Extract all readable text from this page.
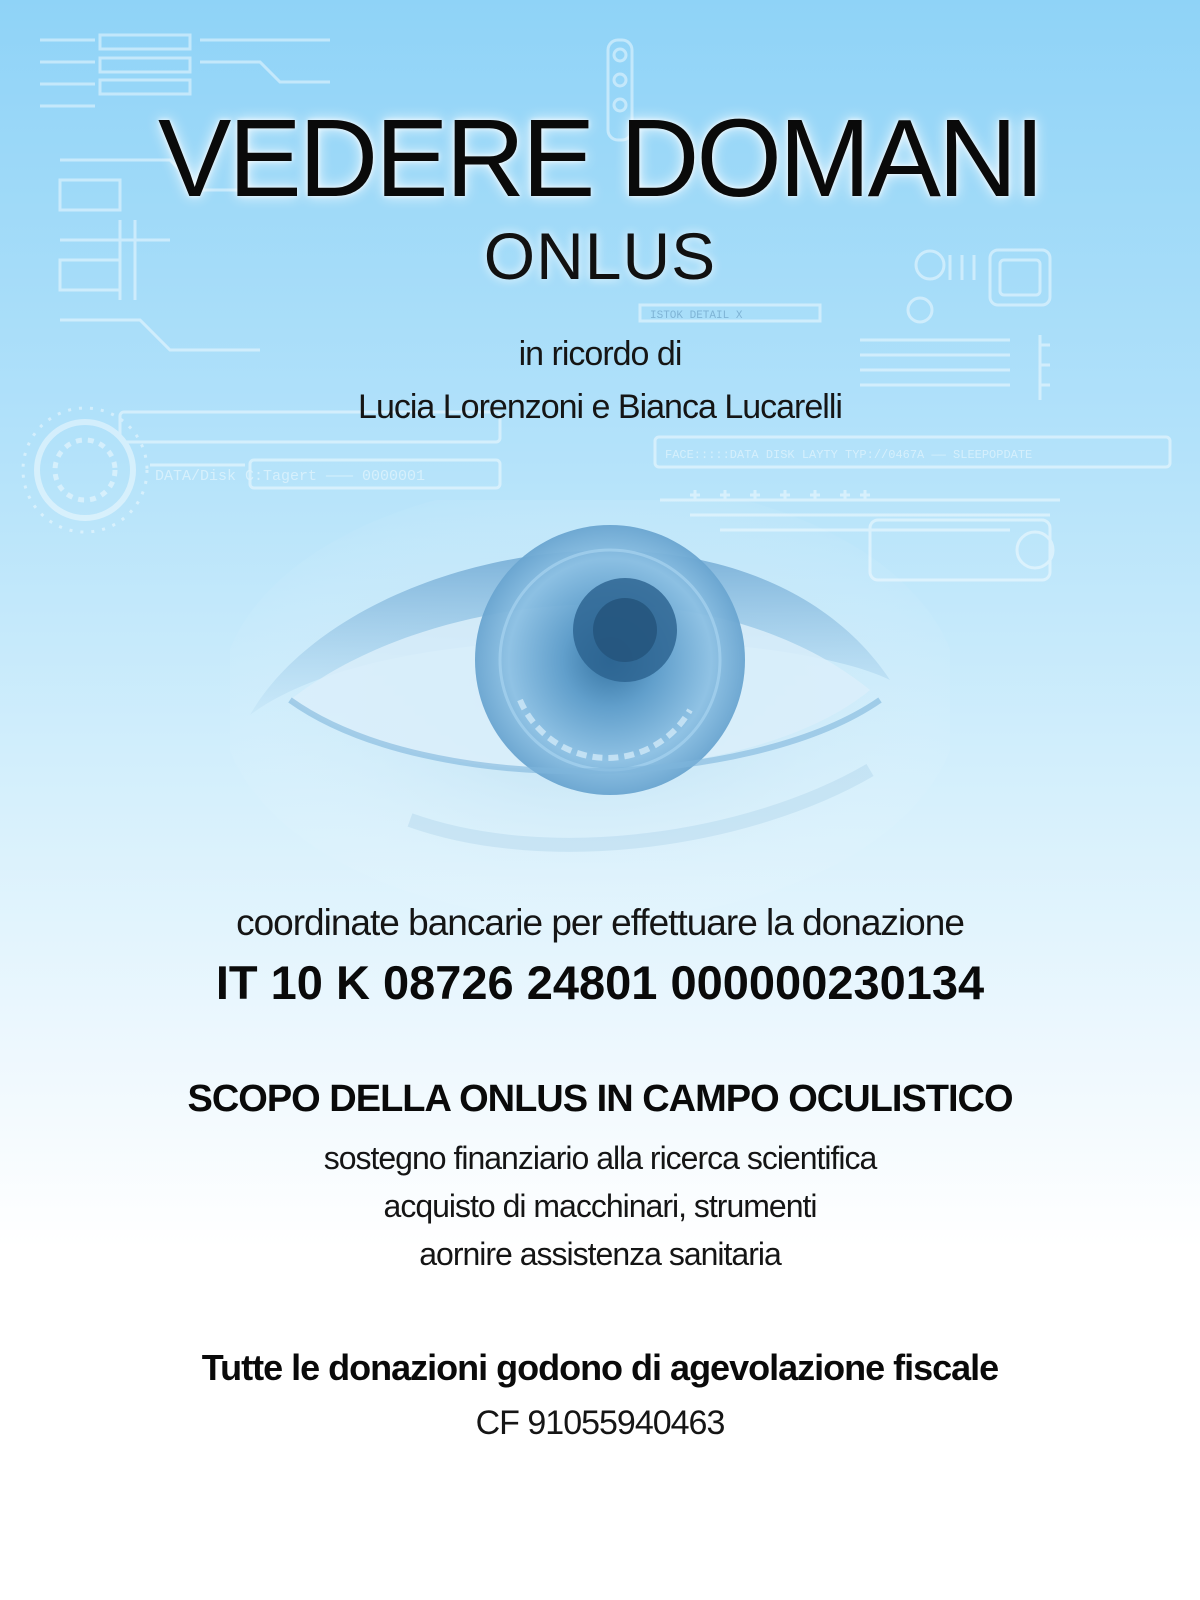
DATA/Disk C:Tagert ——— 0000001
FACE:::::DATA DISK LAYTY TYP://0467A —— SLEEPOPDATE
ISTOK DETAIL X
VEDERE DOMANI
ONLUS
in ricordo di
Lucia Lorenzoni e Bianca Lucarelli
coordinate bancarie per effettuare la donazione
IT 10 K 08726 24801 000000230134
SCOPO DELLA ONLUS IN CAMPO OCULISTICO
sostegno finanziario alla ricerca scientifica
acquisto di macchinari, strumenti
aornire assistenza sanitaria
Tutte le donazioni godono di agevolazione fiscale
CF 91055940463
